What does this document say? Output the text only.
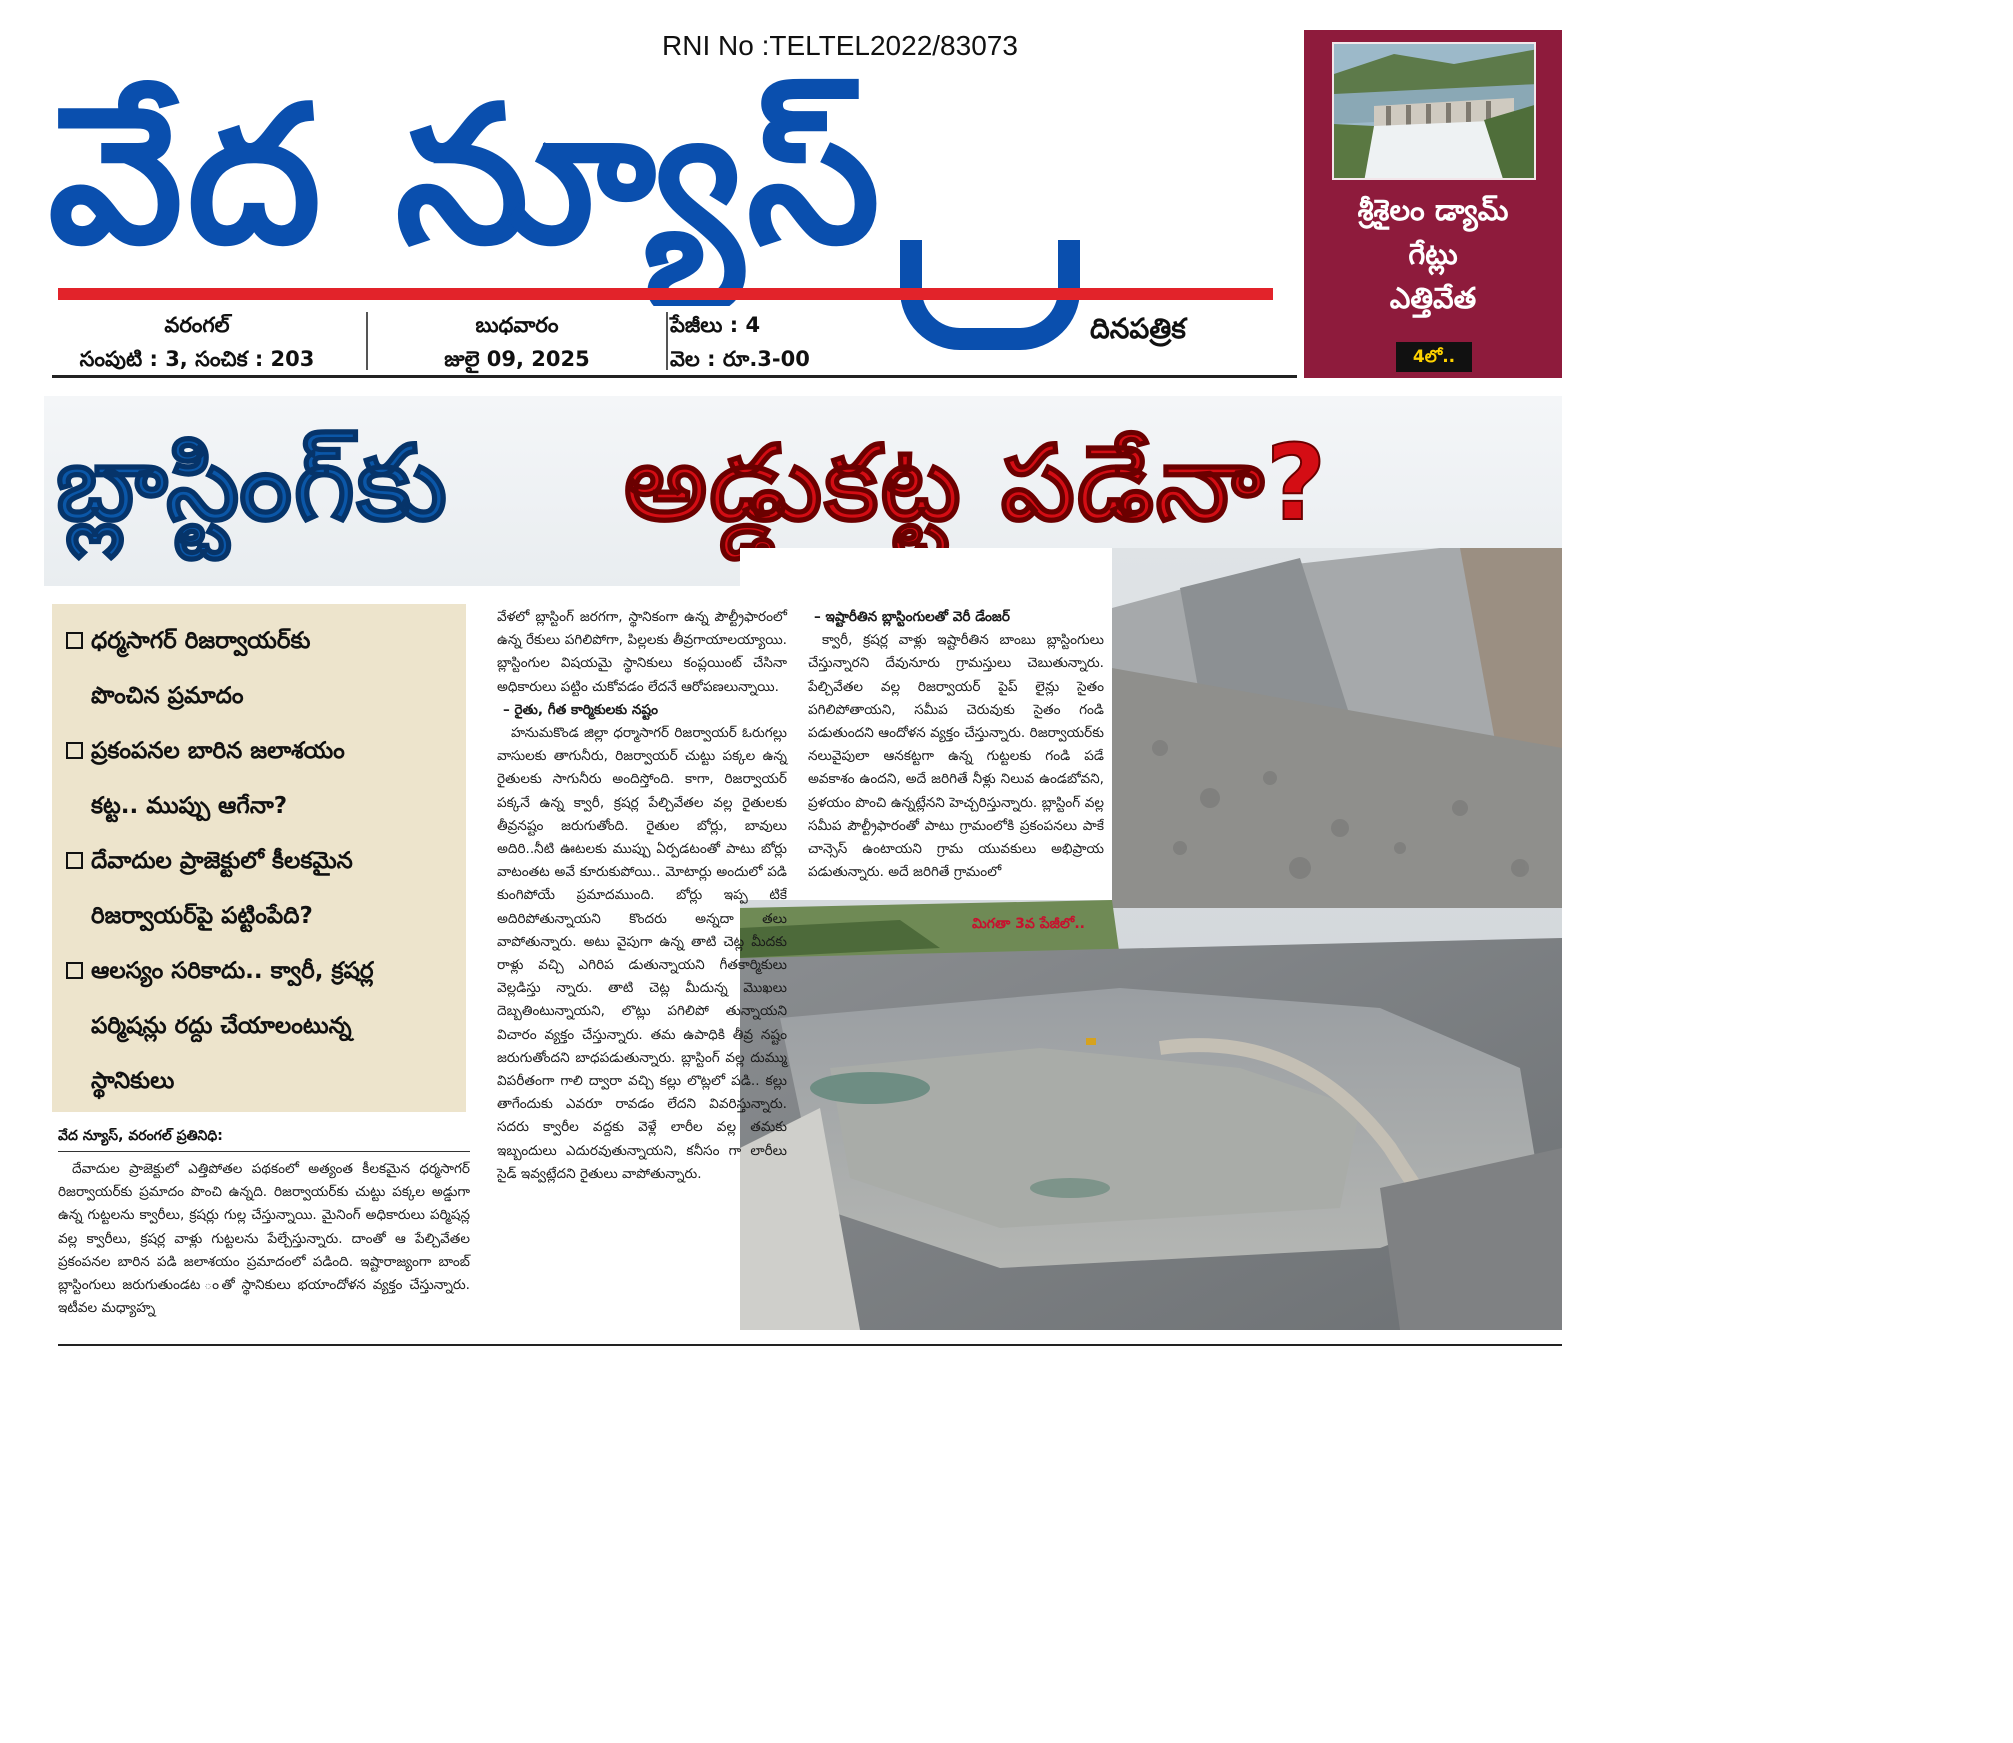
RNI No :TELTEL2022/83073
వేద న్యూస్
వరంగల్
సంపుటి : 3, సంచిక : 203
బుధవారం
జులై 09, 2025
పేజీలు : 4
వెల : రూ.3-00
దినపత్రిక
శ్రీశైలం డ్యామ్
గేట్లు
ఎత్తివేత
4లో..
బ్లాస్టింగ్‌కు అడ్డుకట్ట పడేనా?
ధర్మసాగర్ రిజర్వాయర్‌కు
పొంచిన ప్రమాదం
ప్రకంపనల బారిన జలాశయం
కట్ట.. ముప్పు ఆగేనా?
దేవాదుల ప్రాజెక్టులో కీలకమైన
రిజర్వాయర్‌పై పట్టింపేది?
ఆలస్యం సరికాదు.. క్వారీ, క్రషర్ల
పర్మిషన్లు రద్దు చేయాలంటున్న
స్థానికులు
వేద న్యూస్, వరంగల్ ప్రతినిధి:

దేవాదుల ప్రాజెక్టులో ఎత్తిపోతల పథకంలో అత్యంత కీలకమైన ధర్మసాగర్ రిజర్వాయర్‌కు ప్రమాదం పొంచి ఉన్నది. రిజర్వాయర్‌కు చుట్టు పక్కల అడ్డుగా ఉన్న గుట్టలను క్వారీలు, క్రషర్లు గుల్ల చేస్తున్నాయి. మైనింగ్ అధికారులు పర్మిషన్ల వల్ల క్వారీలు, క్రషర్ల వాళ్లు గుట్టలను పేల్చేస్తున్నారు. దాంతో ఆ పేల్చివేతల ప్రకంపనల బారిన పడి జలాశయం ప్రమాదంలో పడింది. ఇష్టారాజ్యంగా బాంబ్ బ్లాస్టింగులు జరుగుతుండట ంతో స్థానికులు భయాందోళన వ్యక్తం చేస్తున్నారు. ఇటీవల మధ్యాహ్న

వేళలో బ్లాస్టింగ్ జరగగా, స్థానికంగా ఉన్న పౌల్ట్రీఫారంలో ఉన్న రేకులు పగిలిపోగా, పిల్లలకు తీవ్రగాయాలయ్యాయి. బ్లాస్టింగుల విషయమై స్థానికులు కంప్లయింట్ చేసినా అధికారులు పట్టిం చుకోవడం లేదనే ఆరోపణలున్నాయి.

– రైతు, గీత కార్మికులకు నష్టం

హనుమకొండ జిల్లా ధర్మాసాగర్ రిజర్వాయర్ ఓరుగల్లు వాసులకు తాగునీరు, రిజర్వాయర్ చుట్టు పక్కల ఉన్న రైతులకు సాగునీరు అందిస్తోంది. కాగా, రిజర్వాయర్ పక్కనే ఉన్న క్వారీ, క్రషర్ల పేల్చివేతల వల్ల రైతులకు తీవ్రనష్టం జరుగుతోంది. రైతుల బోర్లు, బావులు అదిరి..నీటి ఊటలకు ముప్పు ఏర్పడటంతో పాటు బోర్లు వాటంతట అవే కూరుకుపోయి.. మోటార్లు అందులో పడి కుంగిపోయే ప్రమాదముంది. బోర్లు ఇప్ప టికే అదిరిపోతున్నాయని కొందరు అన్నదా తలు వాపోతున్నారు. అటు వైపుగా ఉన్న తాటి చెట్ల మీదకు రాళ్లు వచ్చి ఎగిరిప డుతున్నాయని గీతకార్మికులు వెల్లడిస్తు న్నారు. తాటి చెట్ల మీదున్న మొఖలు దెబ్బతింటున్నాయని, లొట్లు పగిలిపో తున్నాయని విచారం వ్యక్తం చేస్తున్నారు. తమ ఉపాధికి తీవ్ర నష్టం జరుగుతోందని బాధపడుతున్నారు. బ్లాస్టింగ్ వల్ల దుమ్ము విపరీతంగా గాలి ద్వారా వచ్చి కల్లు లొట్లలో పడి.. కల్లు తాగేందుకు ఎవరూ రావడం లేదని వివరిస్తున్నారు. సదరు క్వారీల వద్దకు వెళ్లే లారీల వల్ల తమకు ఇబ్బందులు ఎదురవుతున్నాయని, కనీసం గా లారీలు సైడ్ ఇవ్వట్లేదని రైతులు వాపోతున్నారు.

– ఇష్టారీతిన బ్లాస్టింగులతో వెరీ డేంజర్

క్వారీ, క్రషర్ల వాళ్లు ఇష్టారీతిన బాంబు బ్లాస్టింగులు చేస్తున్నారని దేవునూరు గ్రామస్తులు చెబుతున్నారు. పేల్చివేతల వల్ల రిజర్వాయర్ పైప్ లైన్లు సైతం పగిలిపోతాయని, సమీప చెరువుకు సైతం గండి పడుతుందని ఆందోళన వ్యక్తం చేస్తున్నారు. రిజర్వాయర్‌కు నలువైపులా ఆనకట్టగా ఉన్న గుట్టలకు గండి పడే అవకాశం ఉందని, అదే జరిగితే నీళ్లు నిలువ ఉండబోవని, ప్రళయం పొంచి ఉన్నట్లేనని హెచ్చరిస్తున్నారు. బ్లాస్టింగ్ వల్ల సమీప పౌల్ట్రీఫారంతో పాటు గ్రామంలోకి ప్రకంపనలు పాకే చాన్సెస్ ఉంటాయని గ్రామ యువకులు అభిప్రాయ పడుతున్నారు. అదే జరిగితే గ్రామంలో

మిగతా 3వ పేజీలో..
